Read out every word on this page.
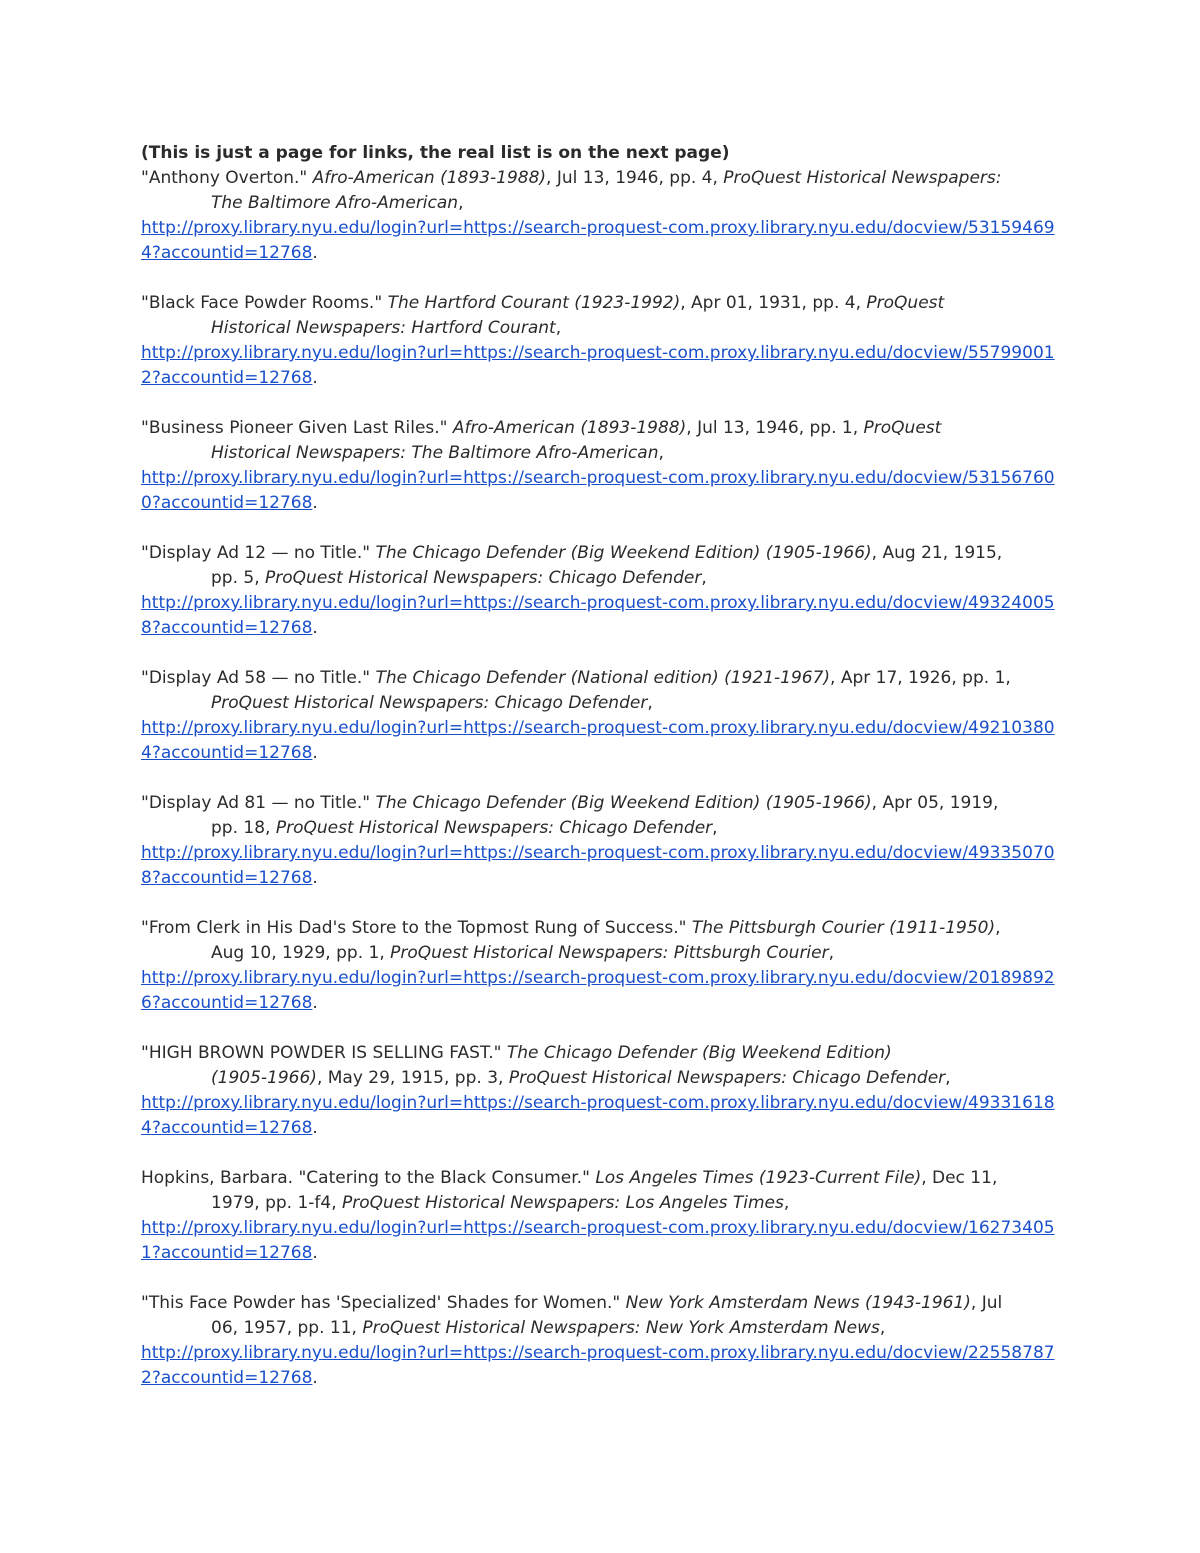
(This is just a page for links, the real list is on the next page)

"Anthony Overton." Afro-American (1893-1988), Jul 13, 1946, pp. 4, ProQuest Historical Newspapers:

The Baltimore Afro-American,

http://proxy.library.nyu.edu/login?url=https://search-proquest-com.proxy.library.nyu.edu/docview/531594694?accountid=12768.

"Black Face Powder Rooms." The Hartford Courant (1923-1992), Apr 01, 1931, pp. 4, ProQuest

Historical Newspapers: Hartford Courant,

http://proxy.library.nyu.edu/login?url=https://search-proquest-com.proxy.library.nyu.edu/docview/557990012?accountid=12768.

"Business Pioneer Given Last Riles." Afro-American (1893-1988), Jul 13, 1946, pp. 1, ProQuest

Historical Newspapers: The Baltimore Afro-American,

http://proxy.library.nyu.edu/login?url=https://search-proquest-com.proxy.library.nyu.edu/docview/531567600?accountid=12768.

"Display Ad 12 — no Title." The Chicago Defender (Big Weekend Edition) (1905-1966), Aug 21, 1915,

pp. 5, ProQuest Historical Newspapers: Chicago Defender,

http://proxy.library.nyu.edu/login?url=https://search-proquest-com.proxy.library.nyu.edu/docview/493240058?accountid=12768.

"Display Ad 58 — no Title." The Chicago Defender (National edition) (1921-1967), Apr 17, 1926, pp. 1,

ProQuest Historical Newspapers: Chicago Defender,

http://proxy.library.nyu.edu/login?url=https://search-proquest-com.proxy.library.nyu.edu/docview/492103804?accountid=12768.

"Display Ad 81 — no Title." The Chicago Defender (Big Weekend Edition) (1905-1966), Apr 05, 1919,

pp. 18, ProQuest Historical Newspapers: Chicago Defender,

http://proxy.library.nyu.edu/login?url=https://search-proquest-com.proxy.library.nyu.edu/docview/493350708?accountid=12768.

"From Clerk in His Dad's Store to the Topmost Rung of Success." The Pittsburgh Courier (1911-1950),

Aug 10, 1929, pp. 1, ProQuest Historical Newspapers: Pittsburgh Courier,

http://proxy.library.nyu.edu/login?url=https://search-proquest-com.proxy.library.nyu.edu/docview/201898926?accountid=12768.

"HIGH BROWN POWDER IS SELLING FAST." The Chicago Defender (Big Weekend Edition)

(1905-1966), May 29, 1915, pp. 3, ProQuest Historical Newspapers: Chicago Defender,

http://proxy.library.nyu.edu/login?url=https://search-proquest-com.proxy.library.nyu.edu/docview/493316184?accountid=12768.

Hopkins, Barbara. "Catering to the Black Consumer." Los Angeles Times (1923-Current File), Dec 11,

1979, pp. 1-f4, ProQuest Historical Newspapers: Los Angeles Times,

http://proxy.library.nyu.edu/login?url=https://search-proquest-com.proxy.library.nyu.edu/docview/162734051?accountid=12768.

"This Face Powder has 'Specialized' Shades for Women." New York Amsterdam News (1943-1961), Jul

06, 1957, pp. 11, ProQuest Historical Newspapers: New York Amsterdam News,

http://proxy.library.nyu.edu/login?url=https://search-proquest-com.proxy.library.nyu.edu/docview/225587872?accountid=12768.
